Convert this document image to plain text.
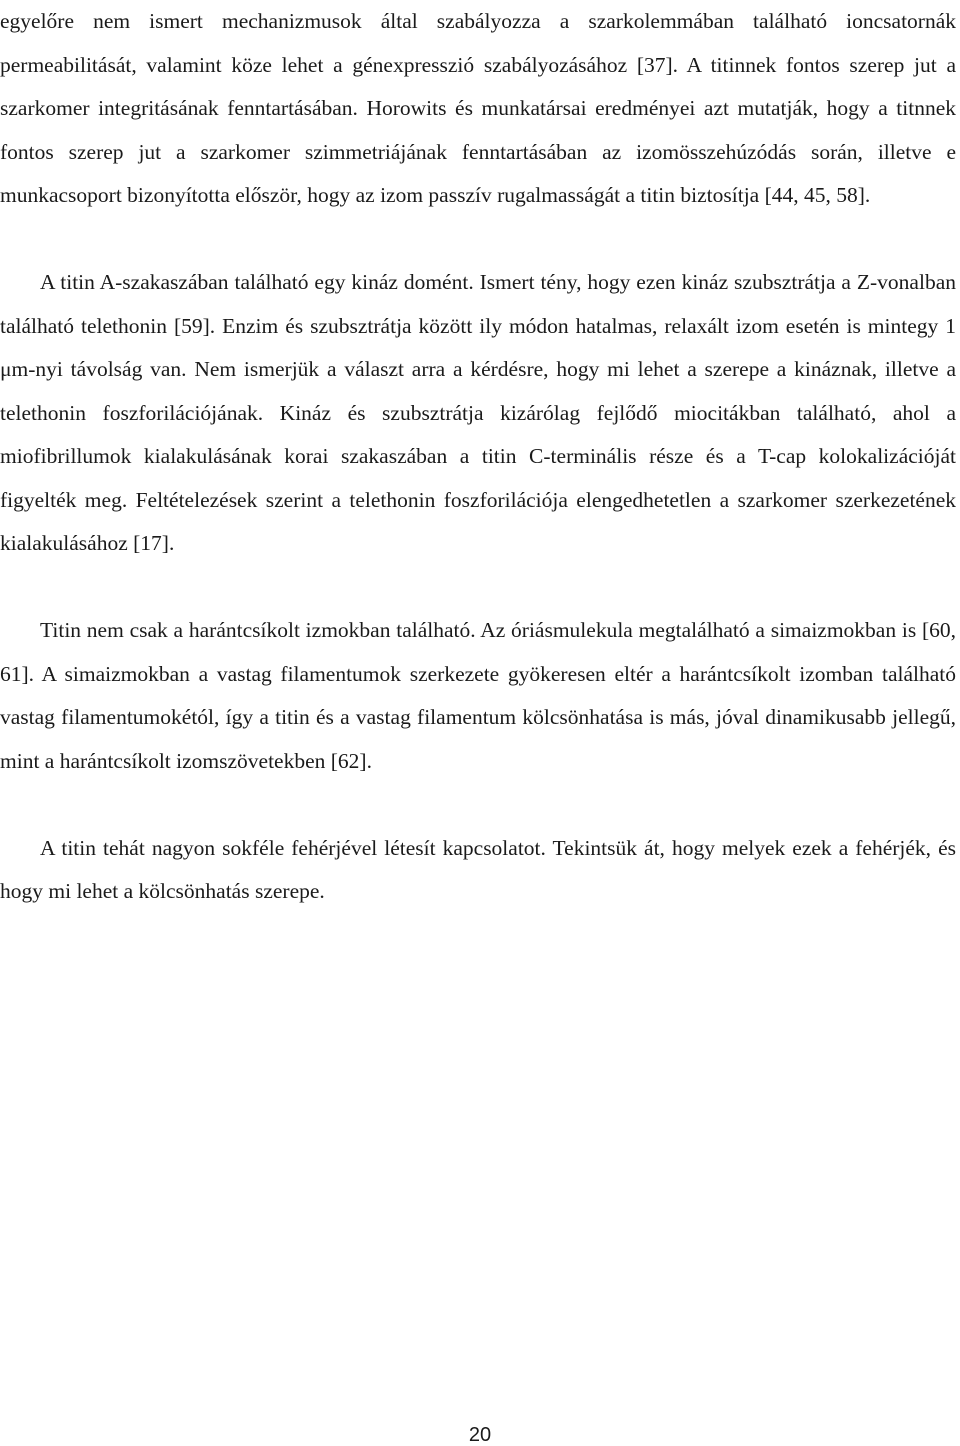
egyelőre nem ismert mechanizmusok által szabályozza a szarkolemmában található ioncsatornák permeabilitását, valamint köze lehet a génexpresszió szabályozásához [37]. A titinnek fontos szerep jut a szarkomer integritásának fenntartásában. Horowits és munkatársai eredményei azt mutatják, hogy a titnnek fontos szerep jut a szarkomer szimmetriájának fenntartásában az izomösszehúzódás során, illetve e munkacsoport bizonyította először, hogy az izom passzív rugalmasságát a titin biztosítja [44, 45, 58].

A titin A-szakaszában található egy kináz domént. Ismert tény, hogy ezen kináz szubsztrátja a Z-vonalban található telethonin [59]. Enzim és szubsztrátja között ily módon hatalmas, relaxált izom esetén is mintegy 1 μm-nyi távolság van. Nem ismerjük a választ arra a kérdésre, hogy mi lehet a szerepe a kináznak, illetve a telethonin foszforilációjának. Kináz és szubsztrátja kizárólag fejlődő miocitákban található, ahol a miofibrillumok kialakulásának korai szakaszában a titin C-terminális része és a T-cap kolokalizációját figyelték meg. Feltételezések szerint a telethonin foszforilációja elengedhetetlen a szarkomer szerkezetének kialakulásához [17].

Titin nem csak a harántcsíkolt izmokban található. Az óriásmulekula megtalálható a simaizmokban is [60, 61]. A simaizmokban a vastag filamentumok szerkezete gyökeresen eltér a harántcsíkolt izomban található vastag filamentumokétól, így a titin és a vastag filamentum kölcsönhatása is más, jóval dinamikusabb jellegű, mint a harántcsíkolt izomszövetekben [62].

A titin tehát nagyon sokféle fehérjével létesít kapcsolatot. Tekintsük át, hogy melyek ezek a fehérjék, és hogy mi lehet a kölcsönhatás szerepe.

20
